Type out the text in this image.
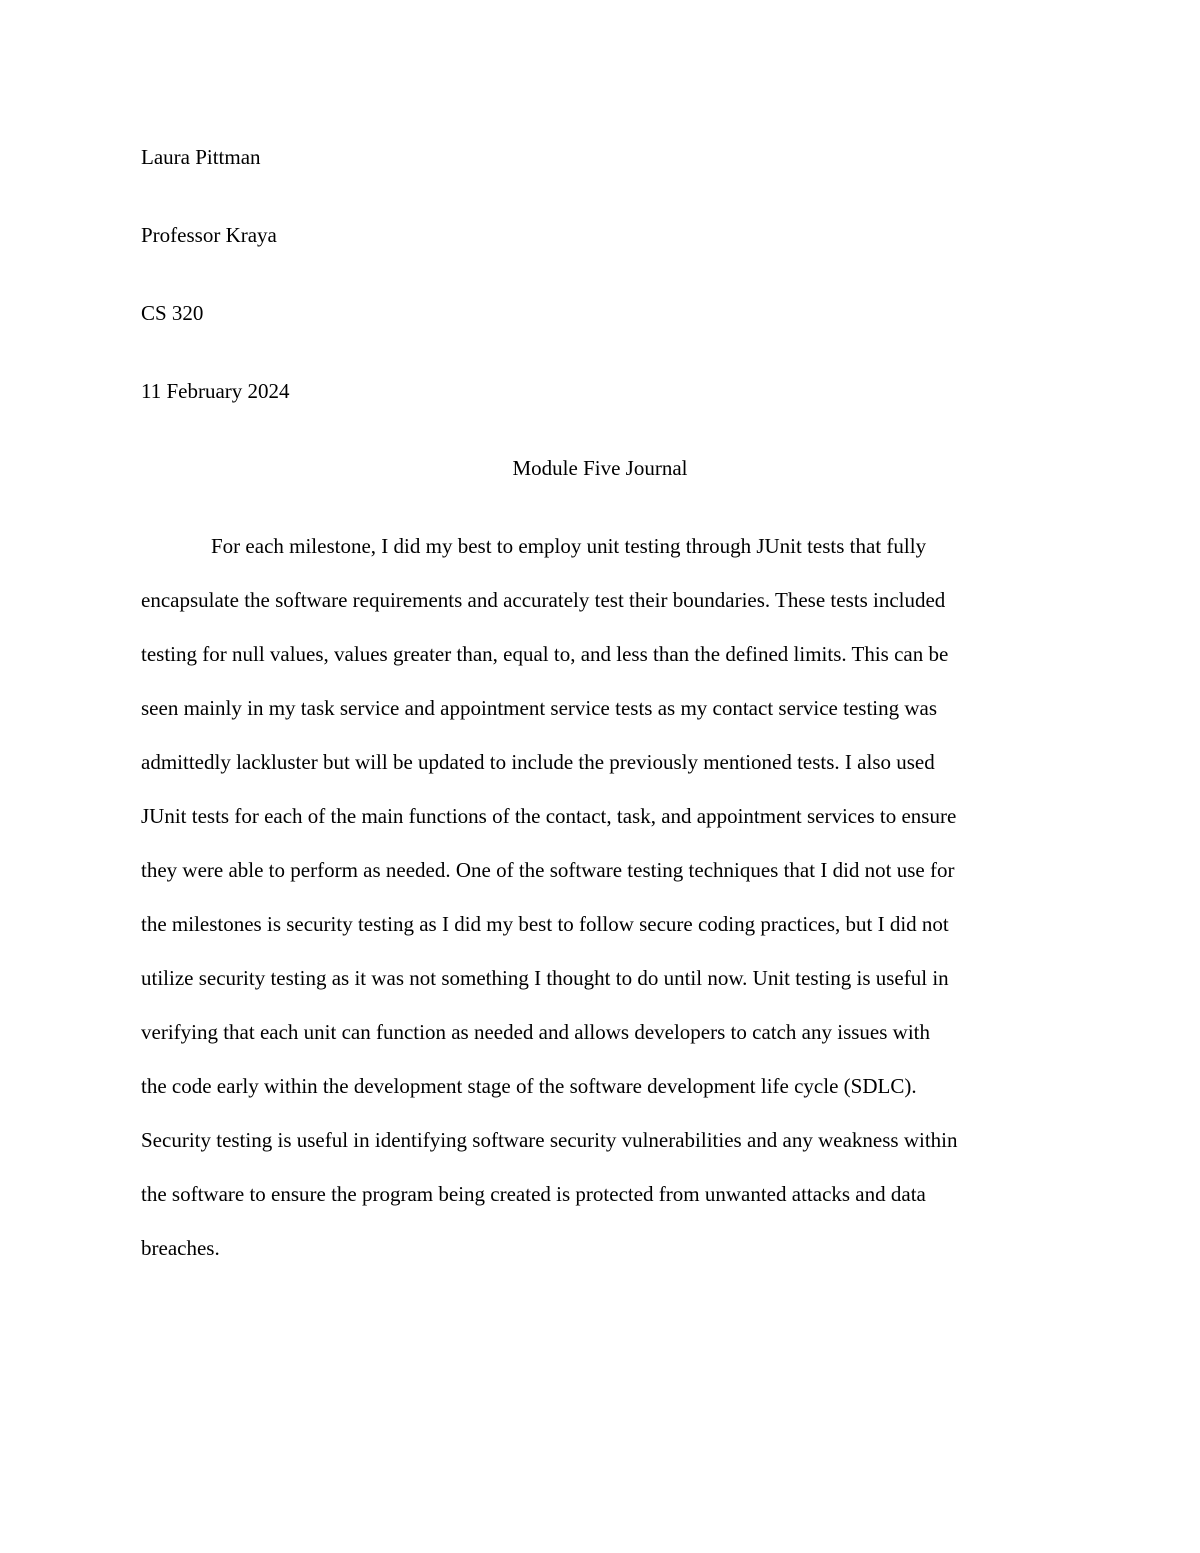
Laura Pittman
Professor Kraya
CS 320
11 February 2024
Module Five Journal
For each milestone, I did my best to employ unit testing through JUnit tests that fully
encapsulate the software requirements and accurately test their boundaries. These tests included
testing for null values, values greater than, equal to, and less than the defined limits. This can be
seen mainly in my task service and appointment service tests as my contact service testing was
admittedly lackluster but will be updated to include the previously mentioned tests. I also used
JUnit tests for each of the main functions of the contact, task, and appointment services to ensure
they were able to perform as needed. One of the software testing techniques that I did not use for
the milestones is security testing as I did my best to follow secure coding practices, but I did not
utilize security testing as it was not something I thought to do until now. Unit testing is useful in
verifying that each unit can function as needed and allows developers to catch any issues with
the code early within the development stage of the software development life cycle (SDLC).
Security testing is useful in identifying software security vulnerabilities and any weakness within
the software to ensure the program being created is protected from unwanted attacks and data
breaches.
